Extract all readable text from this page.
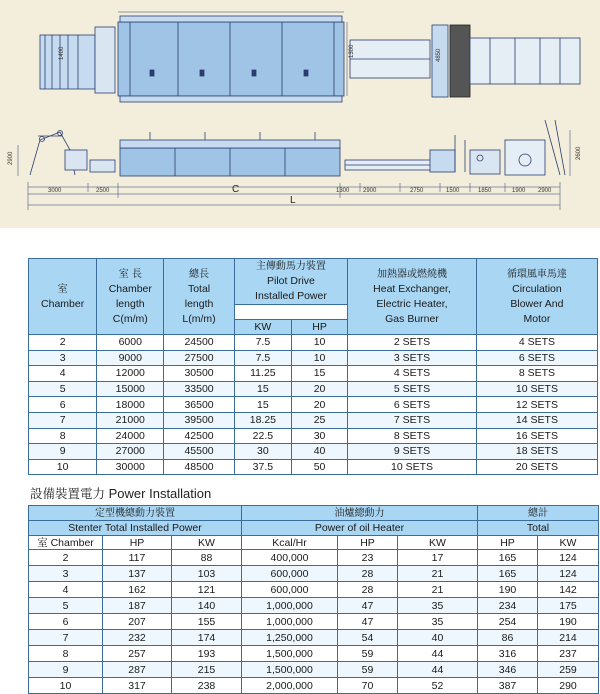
1300
2900	2600
3000	2500	1300 2900	2750	1500	1850	1900 2900
1400	4850
C
L
室
Chamber	室 長
Chamber
length
C(m/m)	總長
Total
length
L(m/m)	主傳動馬力裝置
Pilot Drive
Installed Power		加熱器或燃燒機
Heat Exchanger,
Electric Heater,
Gas Burner	循環風車馬達
Circulation
Blower And
Motor

			KW	HP		
2	6000	24500	7.5	10	2 SETS	4 SETS
3	9000	27500	7.5	10	3 SETS	6 SETS
4	12000	30500	11.25	15	4 SETS	8 SETS
5	15000	33500	15	20	5 SETS	10 SETS
6	18000	36500	15	20	6 SETS	12 SETS
7	21000	39500	18.25	25	7 SETS	14 SETS
8	24000	42500	22.5	30	8 SETS	16 SETS
9	27000	45500	30	40	9 SETS	18 SETS
10	30000	48500	37.5	50	10 SETS	20 SETS
設備裝置電力 Power Installation
定型機總動力裝置			油爐總動力			總計	
Stenter Total Installed Power			Power of oil Heater			Total	
室 Chamber	HP	KW	Kcal/Hr	HP	KW	HP	KW
2	117	88	400,000	23	17	165	124
3	137	103	600,000	28	21	165	124
4	162	121	600,000	28	21	190	142
5	187	140	1,000,000	47	35	234	175
6	207	155	1,000,000	47	35	254	190
7	232	174	1,250,000	54	40	86	214
8	257	193	1,500,000	59	44	316	237
9	287	215	1,500,000	59	44	346	259
10	317	238	2,000,000	70	52	387	290
